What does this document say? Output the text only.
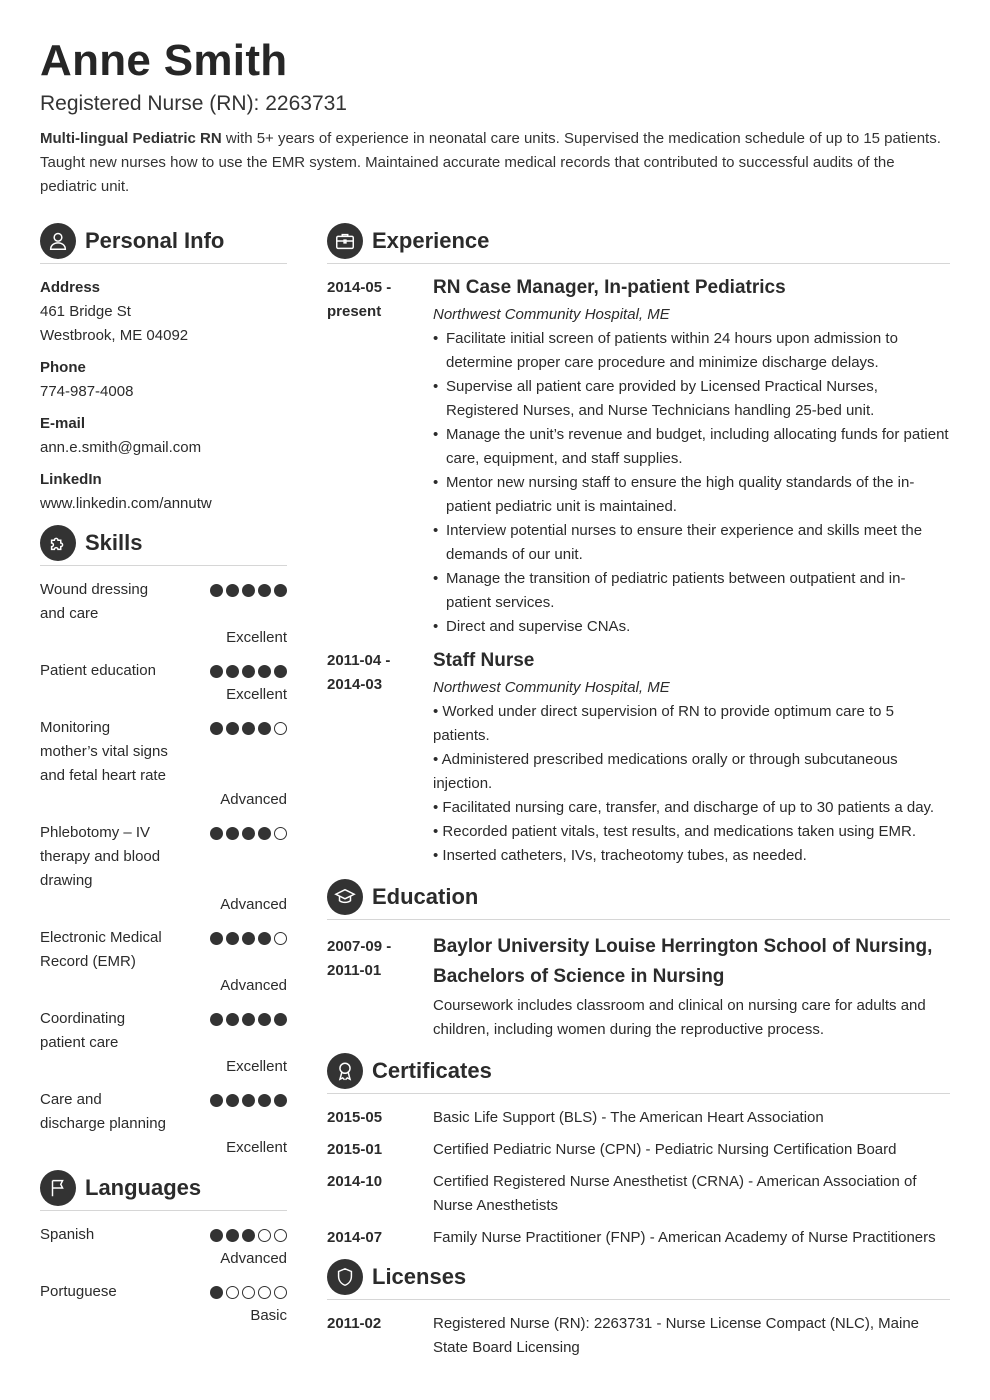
Anne Smith
Registered Nurse (RN): 2263731
Multi-lingual Pediatric RN with 5+ years of experience in neonatal care units. Supervised the medication schedule of up to 15 patients. Taught new nurses how to use the EMR system. Maintained accurate medical records that contributed to successful audits of the pediatric unit.
Personal Info
Address
461 Bridge St
Westbrook, ME 04092
Phone
774-987-4008
E-mail
ann.e.smith@gmail.com
LinkedIn
www.linkedin.com/annutw
Skills
Wound dressing and care
Excellent
Patient education
Excellent
Monitoring mother’s vital signs and fetal heart rate
Advanced
Phlebotomy – IV therapy and blood drawing
Advanced
Electronic Medical Record (EMR)
Advanced
Coordinating patient care
Excellent
Care and discharge planning
Excellent
Languages
Spanish
Advanced
Portuguese
Basic
Experience
2014-05 -
present
RN Case Manager, In-patient Pediatrics
Northwest Community Hospital, ME
• Facilitate initial screen of patients within 24 hours upon admission to determine proper care procedure and minimize discharge delays.
• Supervise all patient care provided by Licensed Practical Nurses, Registered Nurses, and Nurse Technicians handling 25-bed unit.
• Manage the unit’s revenue and budget, including allocating funds for patient care, equipment, and staff supplies.
• Mentor new nursing staff to ensure the high quality standards of the in-patient pediatric unit is maintained.
• Interview potential nurses to ensure their experience and skills meet the demands of our unit.
• Manage the transition of pediatric patients between outpatient and in-patient services.
• Direct and supervise CNAs.
2011-04 -
2014-03
Staff Nurse
Northwest Community Hospital, ME
• Worked under direct supervision of RN to provide optimum care to 5 patients.
• Administered prescribed medications orally or through subcutaneous injection.
• Facilitated nursing care, transfer, and discharge of up to 30 patients a day.
• Recorded patient vitals, test results, and medications taken using EMR.
• Inserted catheters, IVs, tracheotomy tubes, as needed.
Education
2007-09 -
2011-01
Baylor University Louise Herrington School of Nursing, Bachelors of Science in Nursing
Coursework includes classroom and clinical on nursing care for adults and children, including women during the reproductive process.
Certificates
2015-05	Basic Life Support (BLS) - The American Heart Association
2015-01	Certified Pediatric Nurse (CPN) - Pediatric Nursing Certification Board
2014-10	Certified Registered Nurse Anesthetist (CRNA) - American Association of Nurse Anesthetists
2014-07	Family Nurse Practitioner (FNP) - American Academy of Nurse Practitioners
Licenses
2011-02	Registered Nurse (RN): 2263731 - Nurse License Compact (NLC), Maine State Board Licensing
